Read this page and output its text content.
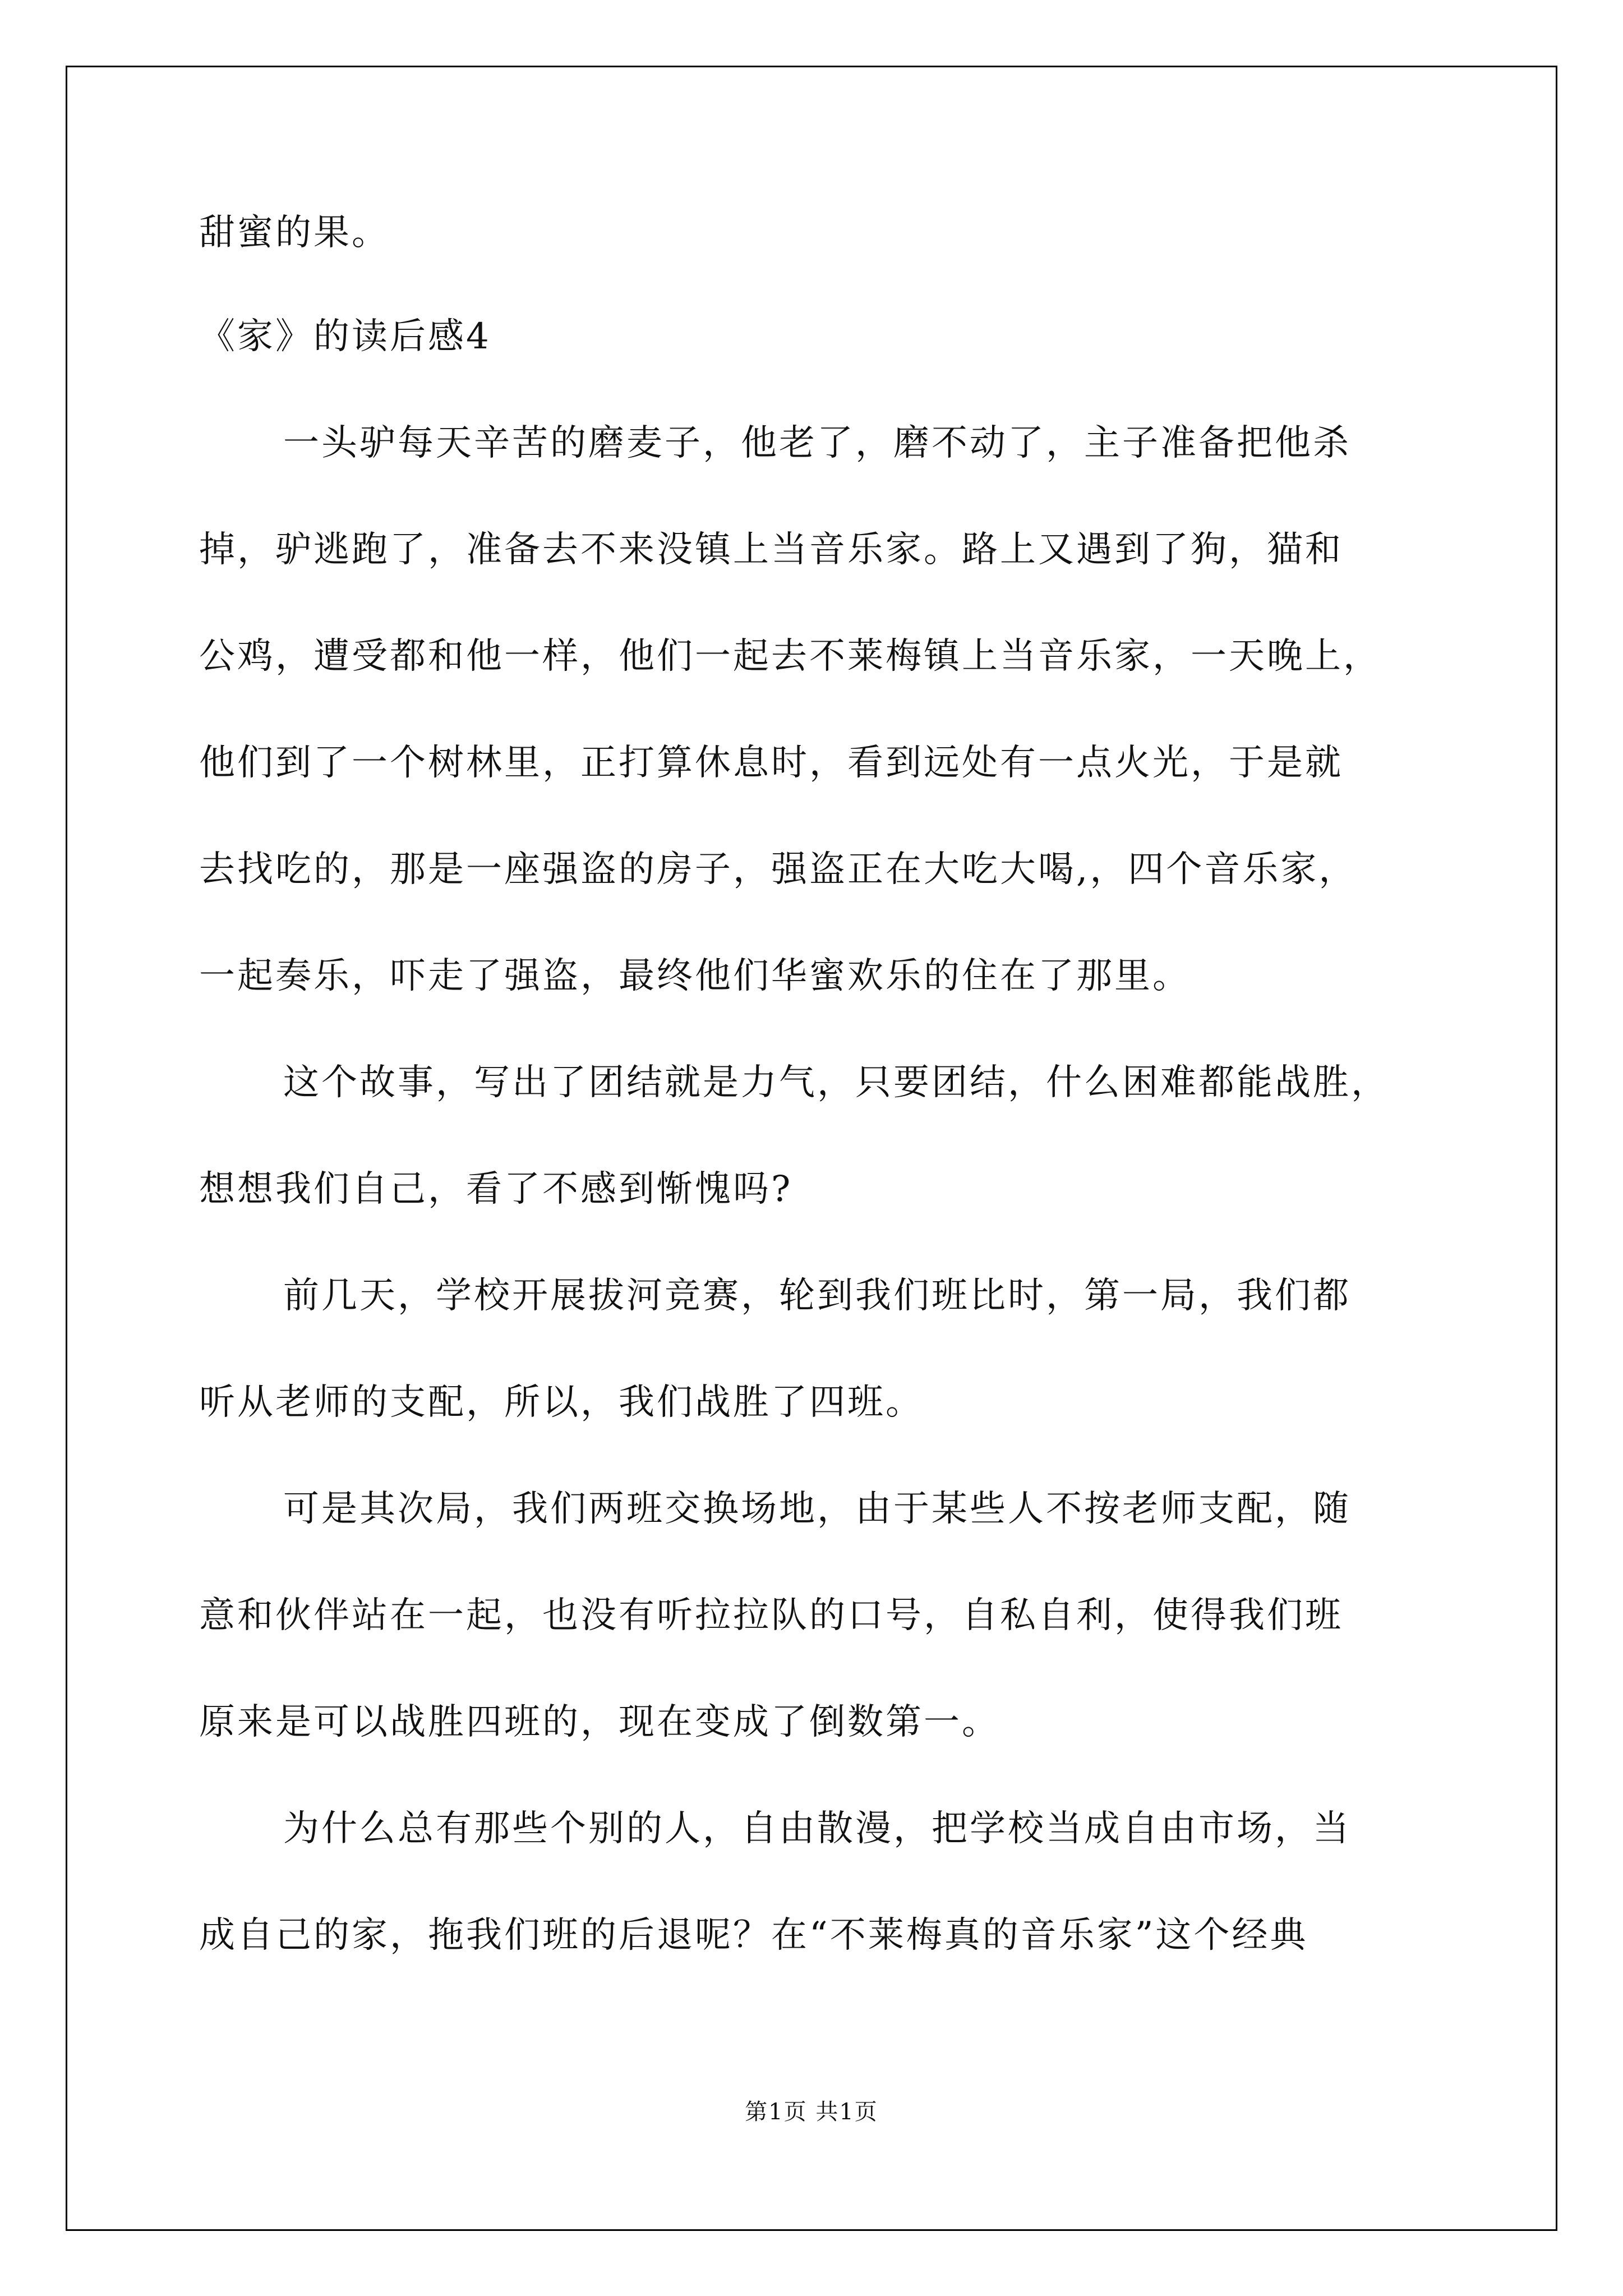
甜蜜的果。

《家》的读后感4

一头驴每天辛苦的磨麦子，他老了，磨不动了，主子准备把他杀

掉，驴逃跑了，准备去不来没镇上当音乐家。路上又遇到了狗，猫和

公鸡，遭受都和他一样，他们一起去不莱梅镇上当音乐家，一天晚上，

他们到了一个树林里，正打算休息时，看到远处有一点火光，于是就

去找吃的，那是一座强盗的房子，强盗正在大吃大喝,，四个音乐家，

一起奏乐，吓走了强盗，最终他们华蜜欢乐的住在了那里。

这个故事，写出了团结就是力气，只要团结，什么困难都能战胜，

想想我们自己，看了不感到惭愧吗?

前几天，学校开展拔河竞赛，轮到我们班比时，第一局，我们都

听从老师的支配，所以，我们战胜了四班。

可是其次局，我们两班交换场地，由于某些人不按老师支配，随

意和伙伴站在一起，也没有听拉拉队的口号，自私自利，使得我们班

原来是可以战胜四班的，现在变成了倒数第一。

为什么总有那些个别的人，自由散漫，把学校当成自由市场，当

成自己的家，拖我们班的后退呢？在“不莱梅真的音乐家”这个经典

第1页 共1页
